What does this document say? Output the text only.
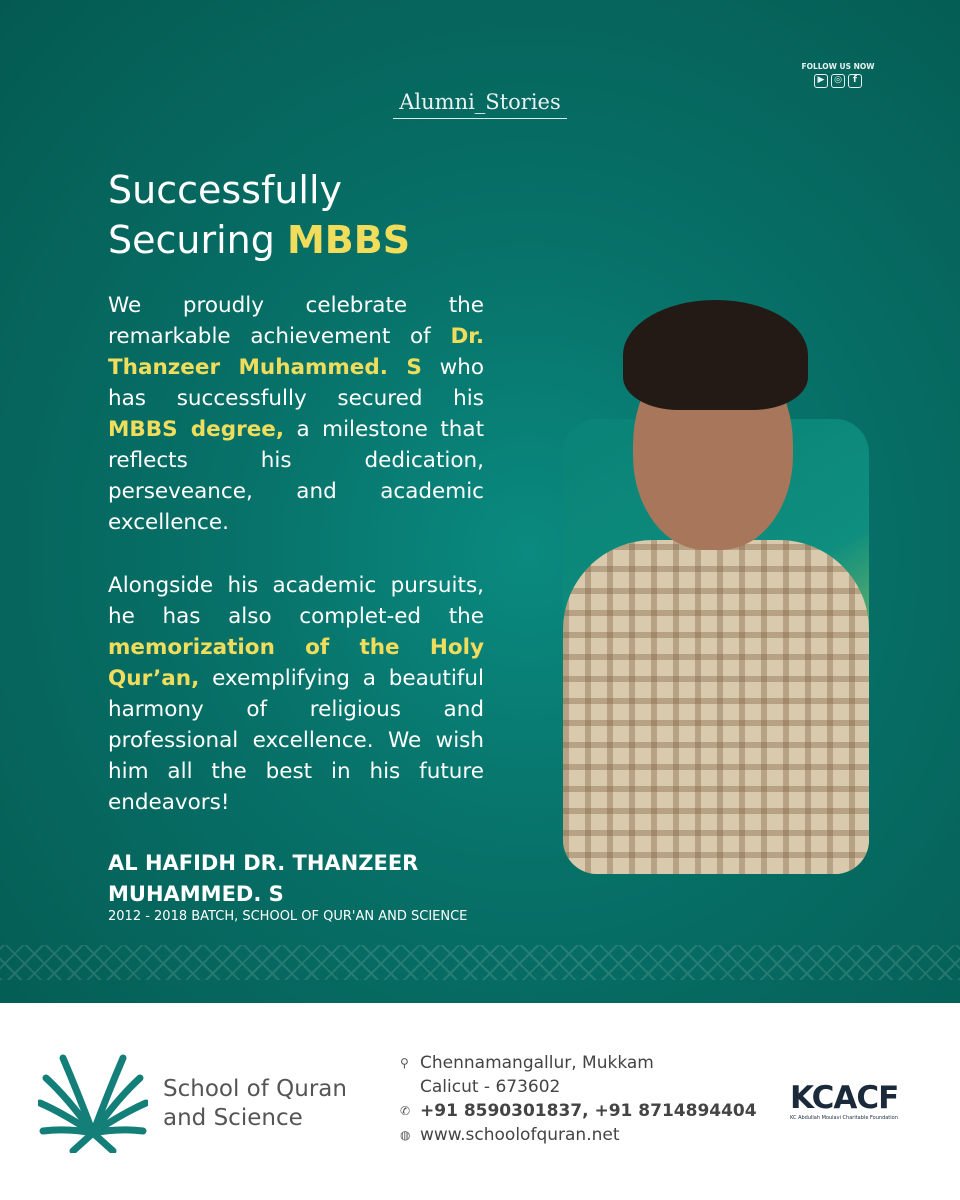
FOLLOW US NOW
▶	◎	f
Alumni_Stories
Successfully
Securing MBBS

We proudly celebrate the remarkable achievement of Dr. Thanzeer Muhammed. S who has successfully secured his MBBS degree, a milestone that reflects his dedication, perseveance, and academic excellence.

Alongside his academic pursuits, he has also complet-ed the memorization of the Holy Qur’an, exemplifying a beautiful harmony of religious and professional excellence. We wish him all the best in his future endeavors!

AL HAFIDH DR. THANZEER
MUHAMMED. S
2012 - 2018 BATCH, SCHOOL OF QUR'AN AND SCIENCE
School of Quran
and Science
⚲ Chennamangallur, Mukkam
Calicut - 673602
✆ +91 8590301837, +91 8714894404
◍ www.schoolofquran.net
KCACF
KC Abdullah Moulavi Charitable Foundation
